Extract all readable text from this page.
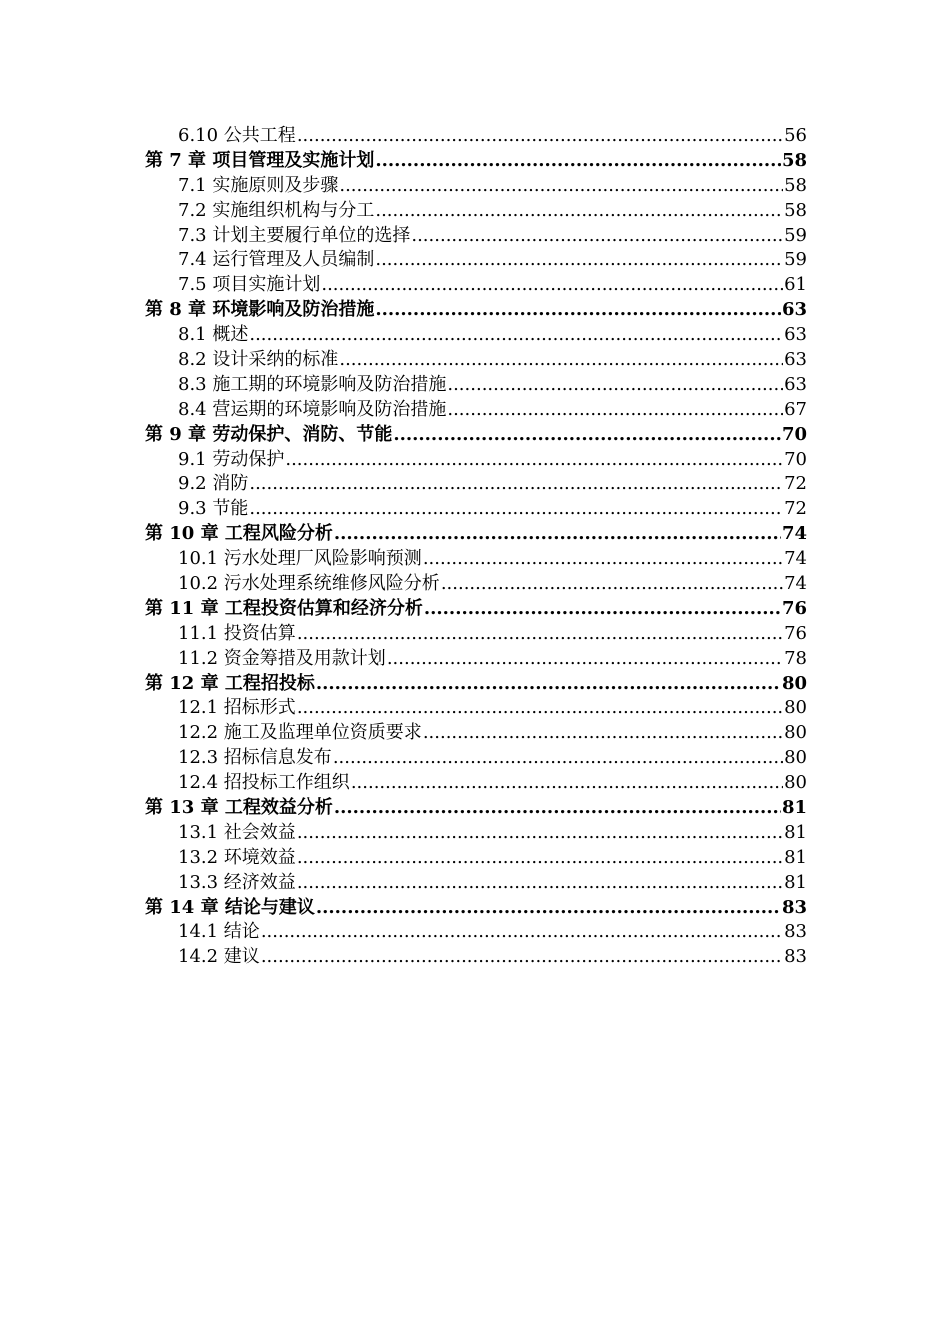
6.10 公共工程 .....	56
第 7 章 项目管理及实施计划 .....	58
7.1 实施原则及步骤 .....	58
7.2 实施组织机构与分工 .....	58
7.3 计划主要履行单位的选择 .....	59
7.4 运行管理及人员编制 .....	59
7.5 项目实施计划 .....	61
第 8 章 环境影响及防治措施 .....	63
8.1 概述 .....	63
8.2 设计采纳的标准 .....	63
8.3 施工期的环境影响及防治措施 .....	63
8.4 营运期的环境影响及防治措施 .....	67
第 9 章 劳动保护、消防、节能 .....	70
9.1 劳动保护 .....	70
9.2 消防 .....	72
9.3 节能 .....	72
第 10 章 工程风险分析 .....	74
10.1 污水处理厂风险影响预测 .....	74
10.2 污水处理系统维修风险分析 .....	74
第 11 章 工程投资估算和经济分析 .....	76
11.1 投资估算 .....	76
11.2 资金筹措及用款计划 .....	78
第 12 章 工程招投标 .....	80
12.1 招标形式 .....	80
12.2 施工及监理单位资质要求 .....	80
12.3 招标信息发布 .....	80
12.4 招投标工作组织 .....	80
第 13 章 工程效益分析 .....	81
13.1 社会效益 .....	81
13.2 环境效益 .....	81
13.3 经济效益 .....	81
第 14 章 结论与建议 .....	83
14.1 结论 .....	83
14.2 建议 .....	83
